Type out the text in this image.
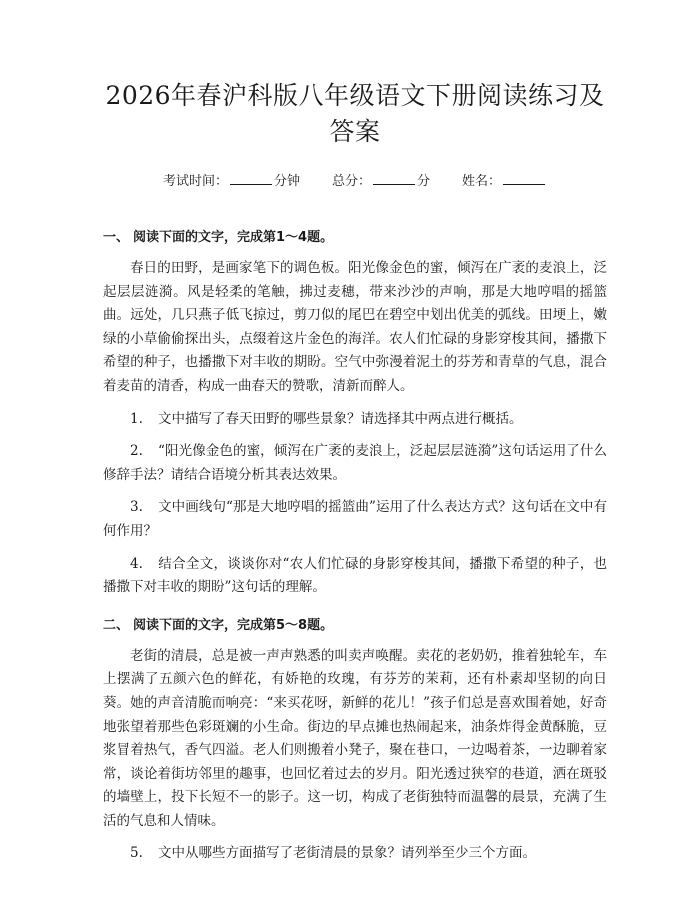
2026年春沪科版八年级语文下册阅读练习及答案
考试时间：	分钟 总分：	分 姓名：
一、 阅读下面的文字，完成第1～4题。
春日的田野，是画家笔下的调色板。阳光像金色的蜜，倾泻在广袤的麦浪上，泛起层层涟漪。风是轻柔的笔触，拂过麦穗，带来沙沙的声响，那是大地哼唱的摇篮曲。远处，几只燕子低飞掠过，剪刀似的尾巴在碧空中划出优美的弧线。田埂上，嫩绿的小草偷偷探出头，点缀着这片金色的海洋。农人们忙碌的身影穿梭其间，播撒下希望的种子，也播撒下对丰收的期盼。空气中弥漫着泥土的芬芳和青草的气息，混合着麦苗的清香，构成一曲春天的赞歌，清新而醉人。
1. 文中描写了春天田野的哪些景象？请选择其中两点进行概括。
2. “阳光像金色的蜜，倾泻在广袤的麦浪上，泛起层层涟漪”这句话运用了什么修辞手法？请结合语境分析其表达效果。
3. 文中画线句“那是大地哼唱的摇篮曲”运用了什么表达方式？这句话在文中有何作用？
4. 结合全文，谈谈你对“农人们忙碌的身影穿梭其间，播撒下希望的种子，也播撒下对丰收的期盼”这句话的理解。
二、 阅读下面的文字，完成第5～8题。
老街的清晨，总是被一声声熟悉的叫卖声唤醒。卖花的老奶奶，推着独轮车，车上摆满了五颜六色的鲜花，有娇艳的玫瑰，有芬芳的茉莉，还有朴素却坚韧的向日葵。她的声音清脆而响亮：“来买花呀，新鲜的花儿！”孩子们总是喜欢围着她，好奇地张望着那些色彩斑斓的小生命。街边的早点摊也热闹起来，油条炸得金黄酥脆，豆浆冒着热气，香气四溢。老人们则搬着小凳子，聚在巷口，一边喝着茶，一边聊着家常，谈论着街坊邻里的趣事，也回忆着过去的岁月。阳光透过狭窄的巷道，洒在斑驳的墙壁上，投下长短不一的影子。这一切，构成了老街独特而温馨的晨景，充满了生活的气息和人情味。
5. 文中从哪些方面描写了老街清晨的景象？请列举至少三个方面。
